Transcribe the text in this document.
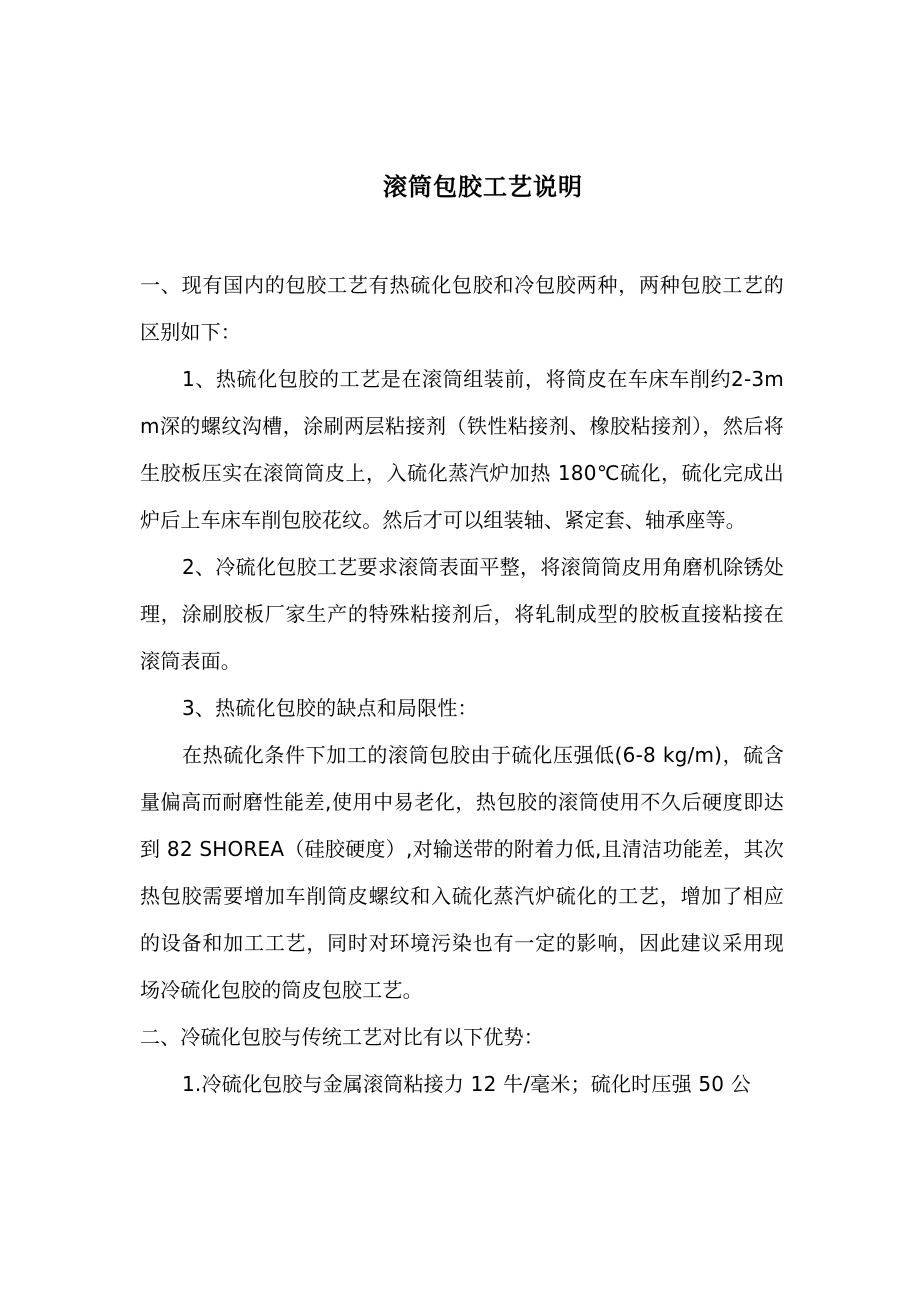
滚筒包胶工艺说明

一、现有国内的包胶工艺有热硫化包胶和冷包胶两种，两种包胶工艺的区别如下：

1、热硫化包胶的工艺是在滚筒组装前，将筒皮在车床车削约2-3mm深的螺纹沟槽，涂刷两层粘接剂（铁性粘接剂、橡胶粘接剂），然后将生胶板压实在滚筒筒皮上，入硫化蒸汽炉加热 180℃硫化，硫化完成出炉后上车床车削包胶花纹。然后才可以组装轴、紧定套、轴承座等。

2、冷硫化包胶工艺要求滚筒表面平整，将滚筒筒皮用角磨机除锈处理，涂刷胶板厂家生产的特殊粘接剂后，将轧制成型的胶板直接粘接在滚筒表面。

3、热硫化包胶的缺点和局限性：

在热硫化条件下加工的滚筒包胶由于硫化压强低(6-8 kg/m)，硫含量偏高而耐磨性能差,使用中易老化，热包胶的滚筒使用不久后硬度即达到 82 SHOREA（硅胶硬度）,对输送带的附着力低,且清洁功能差，其次热包胶需要增加车削筒皮螺纹和入硫化蒸汽炉硫化的工艺，增加了相应的设备和加工工艺，同时对环境污染也有一定的影响，因此建议采用现场冷硫化包胶的筒皮包胶工艺。

二、冷硫化包胶与传统工艺对比有以下优势：

1.冷硫化包胶与金属滚筒粘接力 12 牛/毫米；硫化时压强 50 公
